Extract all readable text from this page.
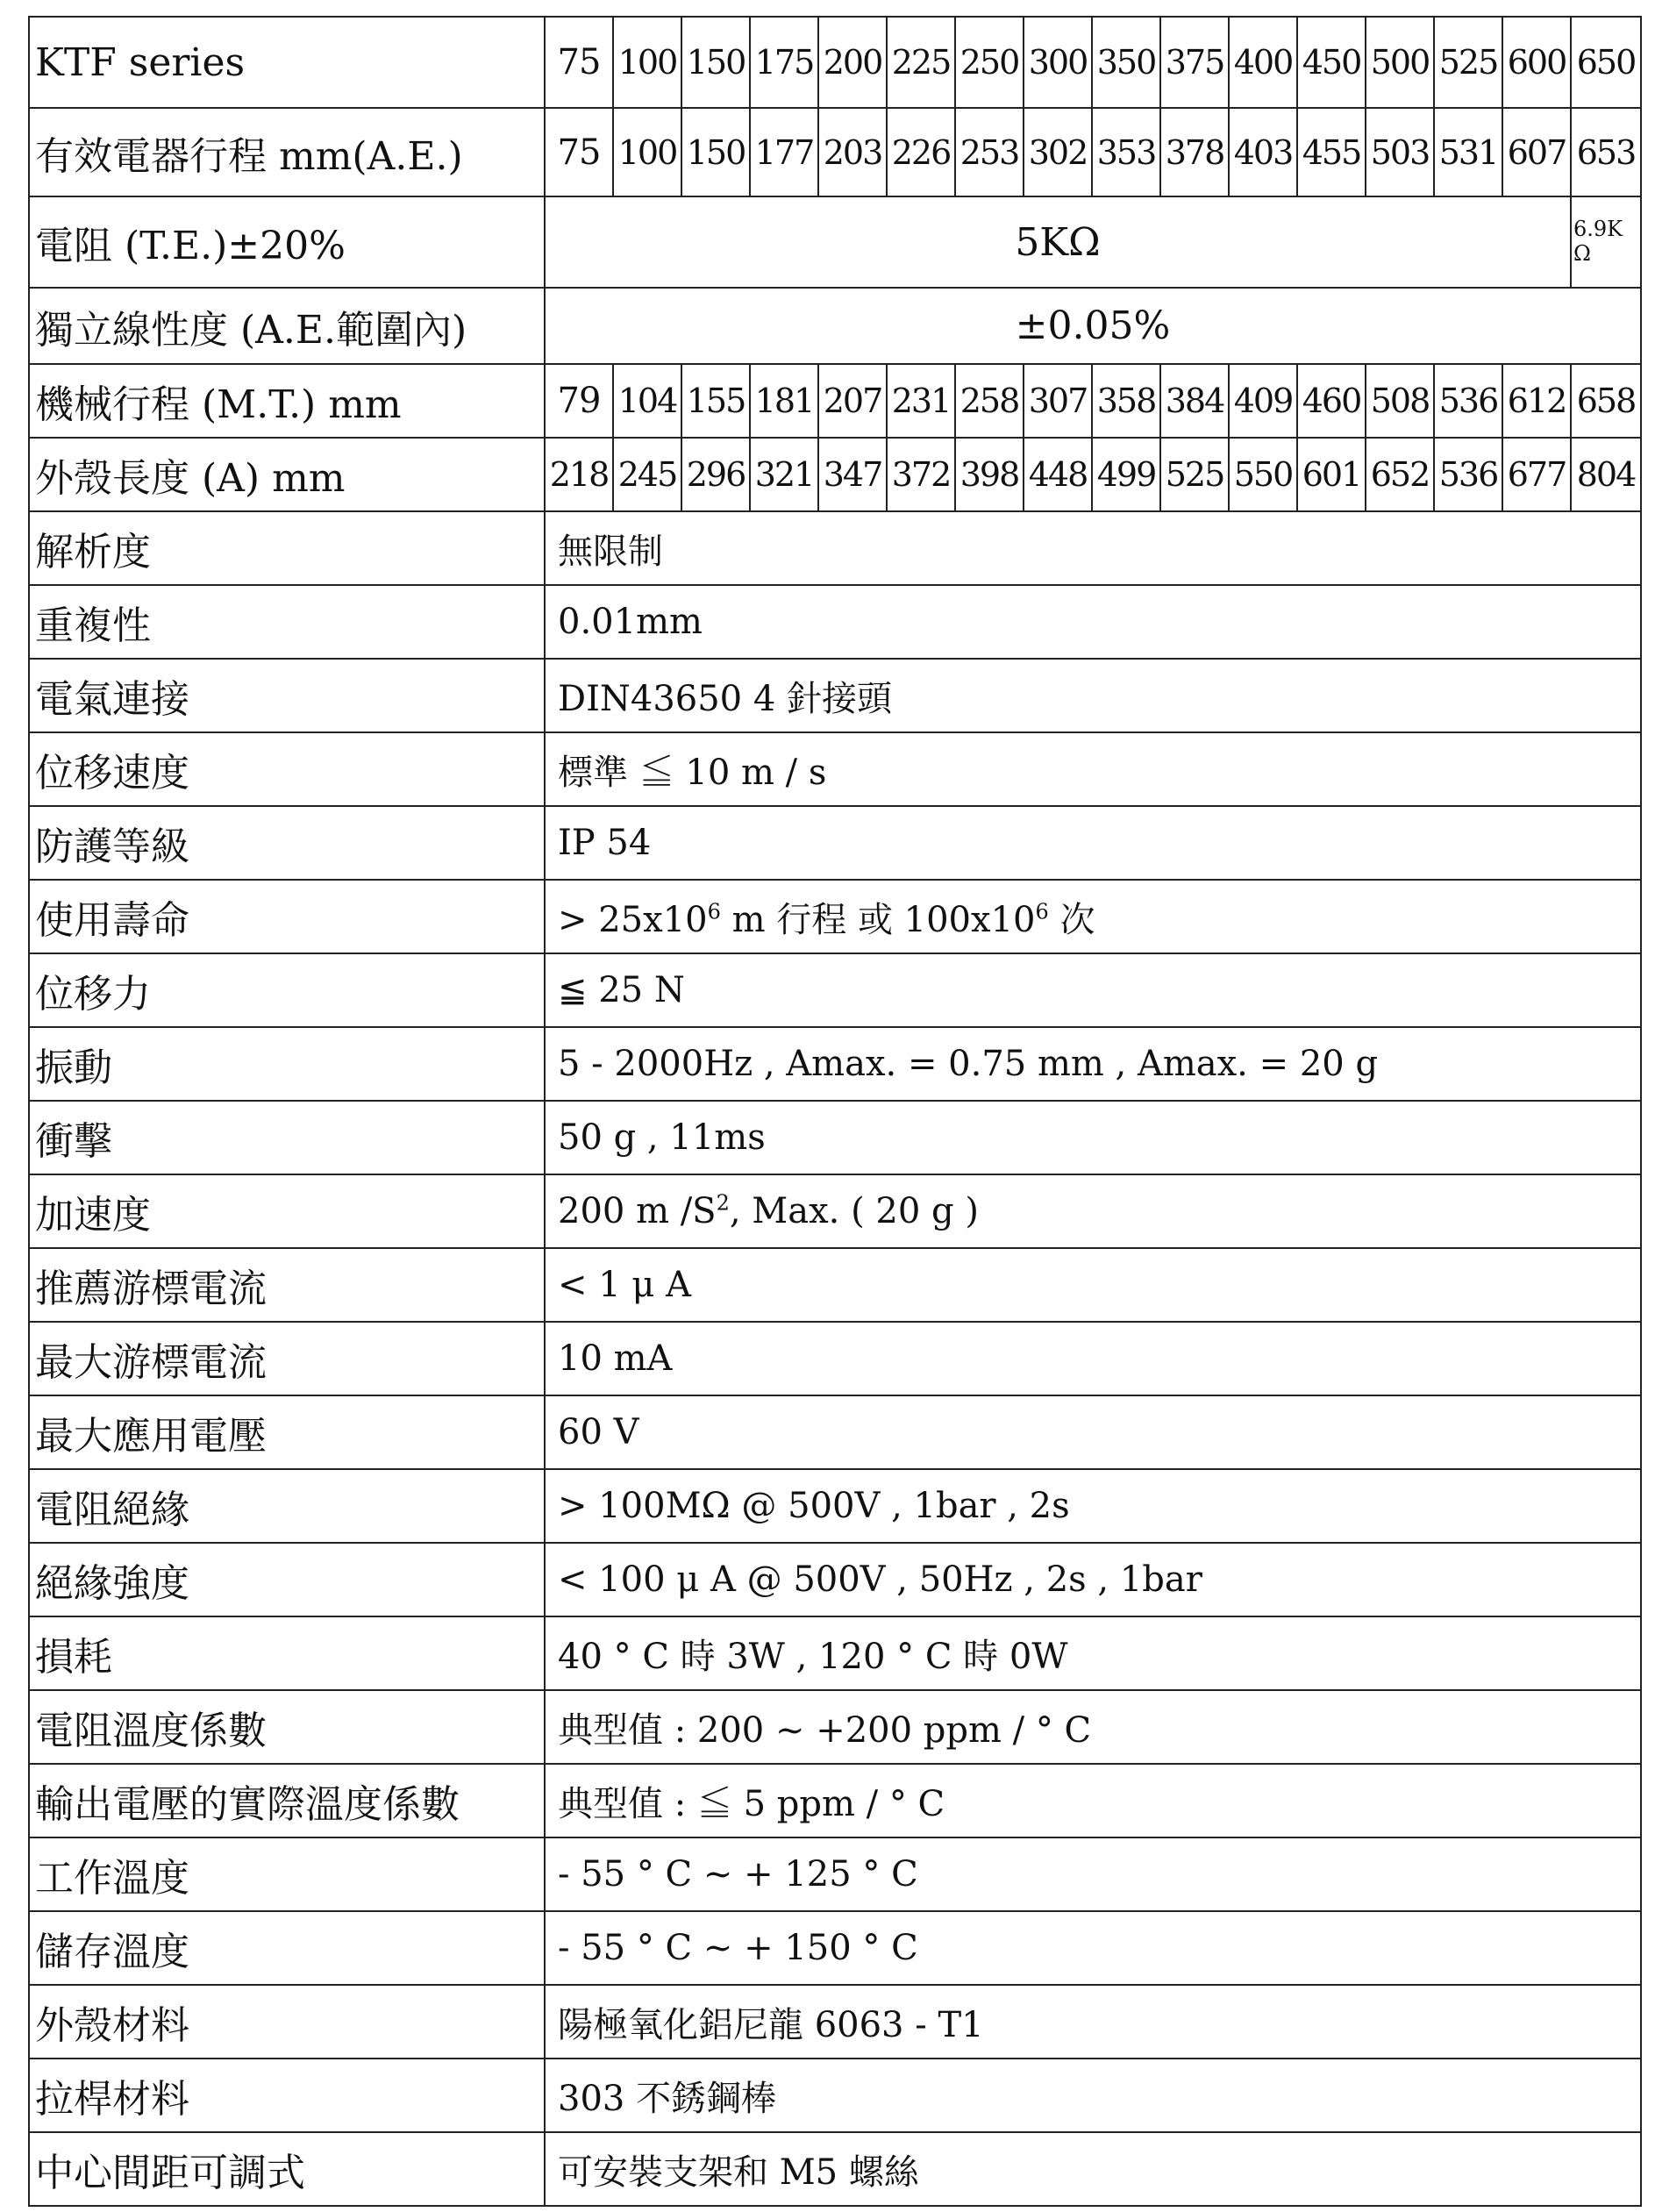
KTF series	75	100	150	175	200	225	250	300	350	375	400	450	500	525	600	650
有效電器行程 mm(A.E.)	75	100	150	177	203	226	253	302	353	378	403	455	503	531	607	653
電阻 (T.E.)±20%	5KΩ															6.9K
Ω
獨立線性度 (A.E.範圍內)	±0.05%															
機械行程 (M.T.) mm	79	104	155	181	207	231	258	307	358	384	409	460	508	536	612	658
外殼長度 (A) mm	218	245	296	321	347	372	398	448	499	525	550	601	652	536	677	804
解析度	無限制															
重複性	0.01mm															
電氣連接	DIN43650 4 針接頭															
位移速度	標準 ≦ 10 m / s															
防護等級	IP 54															
使用壽命	> $25x10^6$ m 行程 或 $100x10^6$ 次															
位移力	≦ 25 N															
振動	5 - 2000Hz , Amax. = 0.75 mm , Amax. = 20 g															
衝擊	50 g , 11ms															
加速度	200 m $/S^2$, Max. ( 20 g )															
推薦游標電流	< 1 μ A															
最大游標電流	10 mA															
最大應用電壓	60 V															
電阻絕緣	> 100MΩ @ 500V , 1bar , 2s															
絕緣強度	< 100 μ A @ 500V , 50Hz , 2s , 1bar															
損耗	40 ° C 時 3W , 120 ° C 時 0W															
電阻溫度係數	典型值 : 200 ~ +200 ppm / ° C															
輸出電壓的實際溫度係數	典型值 : ≦ 5 ppm / ° C															
工作溫度	- 55 ° C ~ + 125 ° C															
儲存溫度	- 55 ° C ~ + 150 ° C															
外殼材料	陽極氧化鋁尼龍 6063 - T1															
拉桿材料	303 不銹鋼棒															
中心間距可調式	可安裝支架和 M5 螺絲															
